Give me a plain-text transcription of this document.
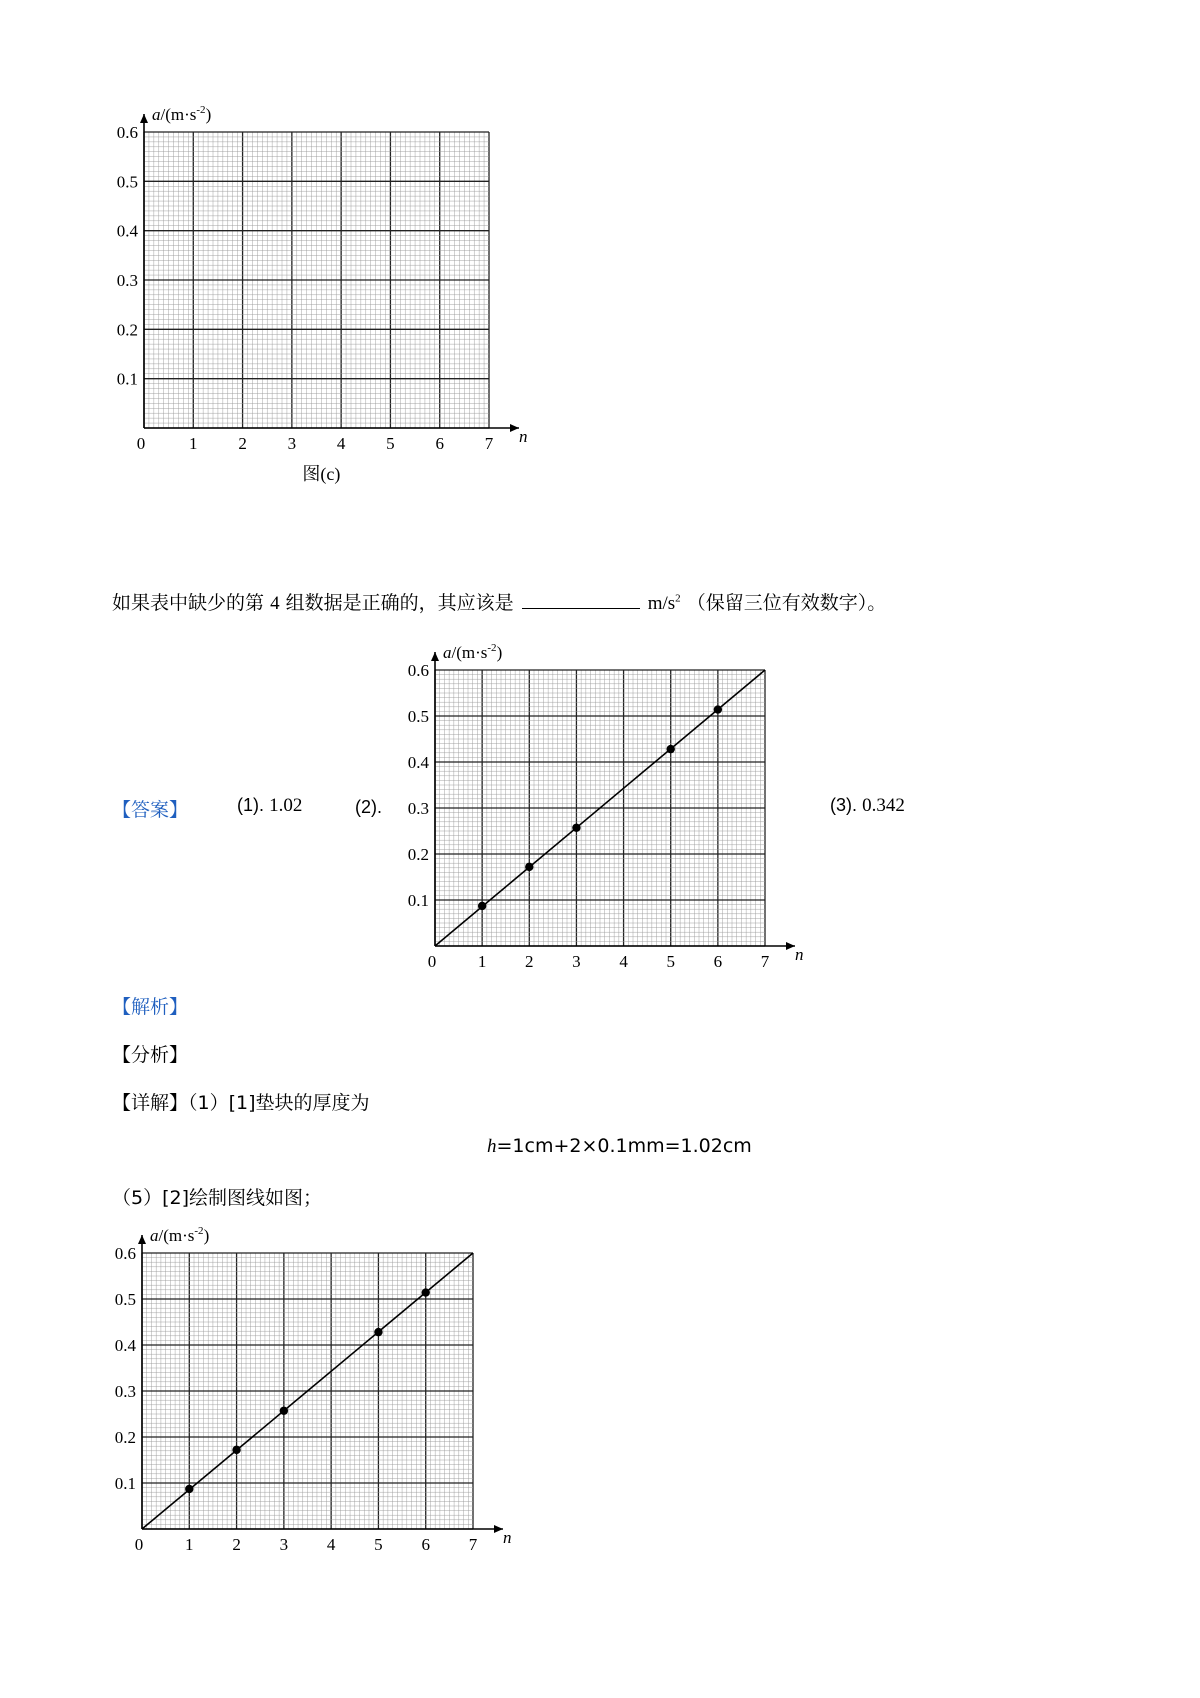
0	1 2 3 4 5 6 7
0.1
0.2
0.3
0.4
0.5
0.6
n
$a/(m\cdot s^{-2})$
图(c)
如果表中缺少的第 4 组数据是正确的，其应该是	$m/s^2$ （保留三位有效数字）。
【答案】	(1). 1.02	(2).	(3). 0.342
0 1 2 3 4 5 6 7
0.1
0.2
0.3
0.4
0.5
0.6
n
$a/(m\cdot s^{-2})$
【解析】
【分析】
【详解】（1）[1]垫块的厚度为
h=1cm+2×0.1mm=1.02cm
（5）[2]绘制图线如图；
0 1 2 3 4 5 6 7
0.1
0.2
0.3
0.4
0.5
0.6
n
$a/(m\cdot s^{-2})$
